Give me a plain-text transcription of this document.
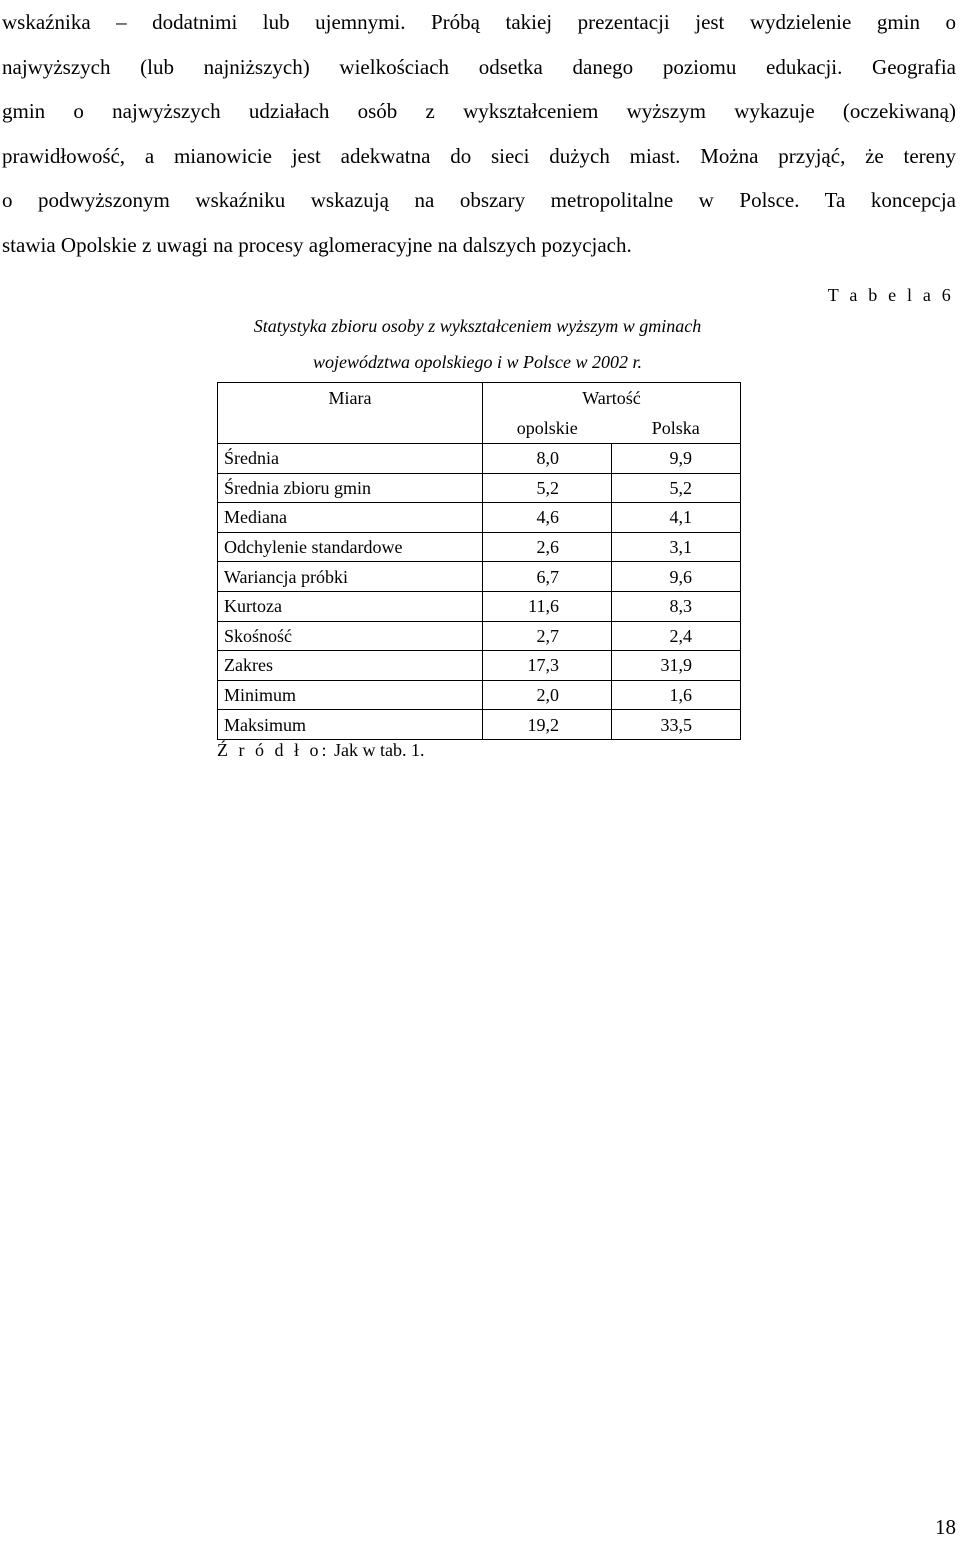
wskaźnika – dodatnimi lub ujemnymi. Próbą takiej prezentacji jest wydzielenie gmin o
najwyższych (lub najniższych) wielkościach odsetka danego poziomu edukacji. Geografia
gmin o najwyższych udziałach osób z wykształceniem wyższym wykazuje (oczekiwaną)
prawidłowość, a mianowicie jest adekwatna do sieci dużych miast. Można przyjąć, że tereny
o podwyższonym wskaźniku wskazują na obszary metropolitalne w Polsce. Ta koncepcja
stawia Opolskie z uwagi na procesy aglomeracyjne na dalszych pozycjach.
T a b e l a 6
Statystyka zbioru osoby z wykształceniem wyższym w gminach
województwa opolskiego i w Polsce w 2002 r.
Miara	Wartość	
	opolskie	Polska
Średnia	8,0	9,9
Średnia zbioru gmin	5,2	5,2
Mediana	4,6	4,1
Odchylenie standardowe	2,6	3,1
Wariancja próbki	6,7	9,6
Kurtoza	11,6	8,3
Skośność	2,7	2,4
Zakres	17,3	31,9
Minimum	2,0	1,6
Maksimum	19,2	33,5
Ź r ó d ł o: Jak w tab. 1.
18
